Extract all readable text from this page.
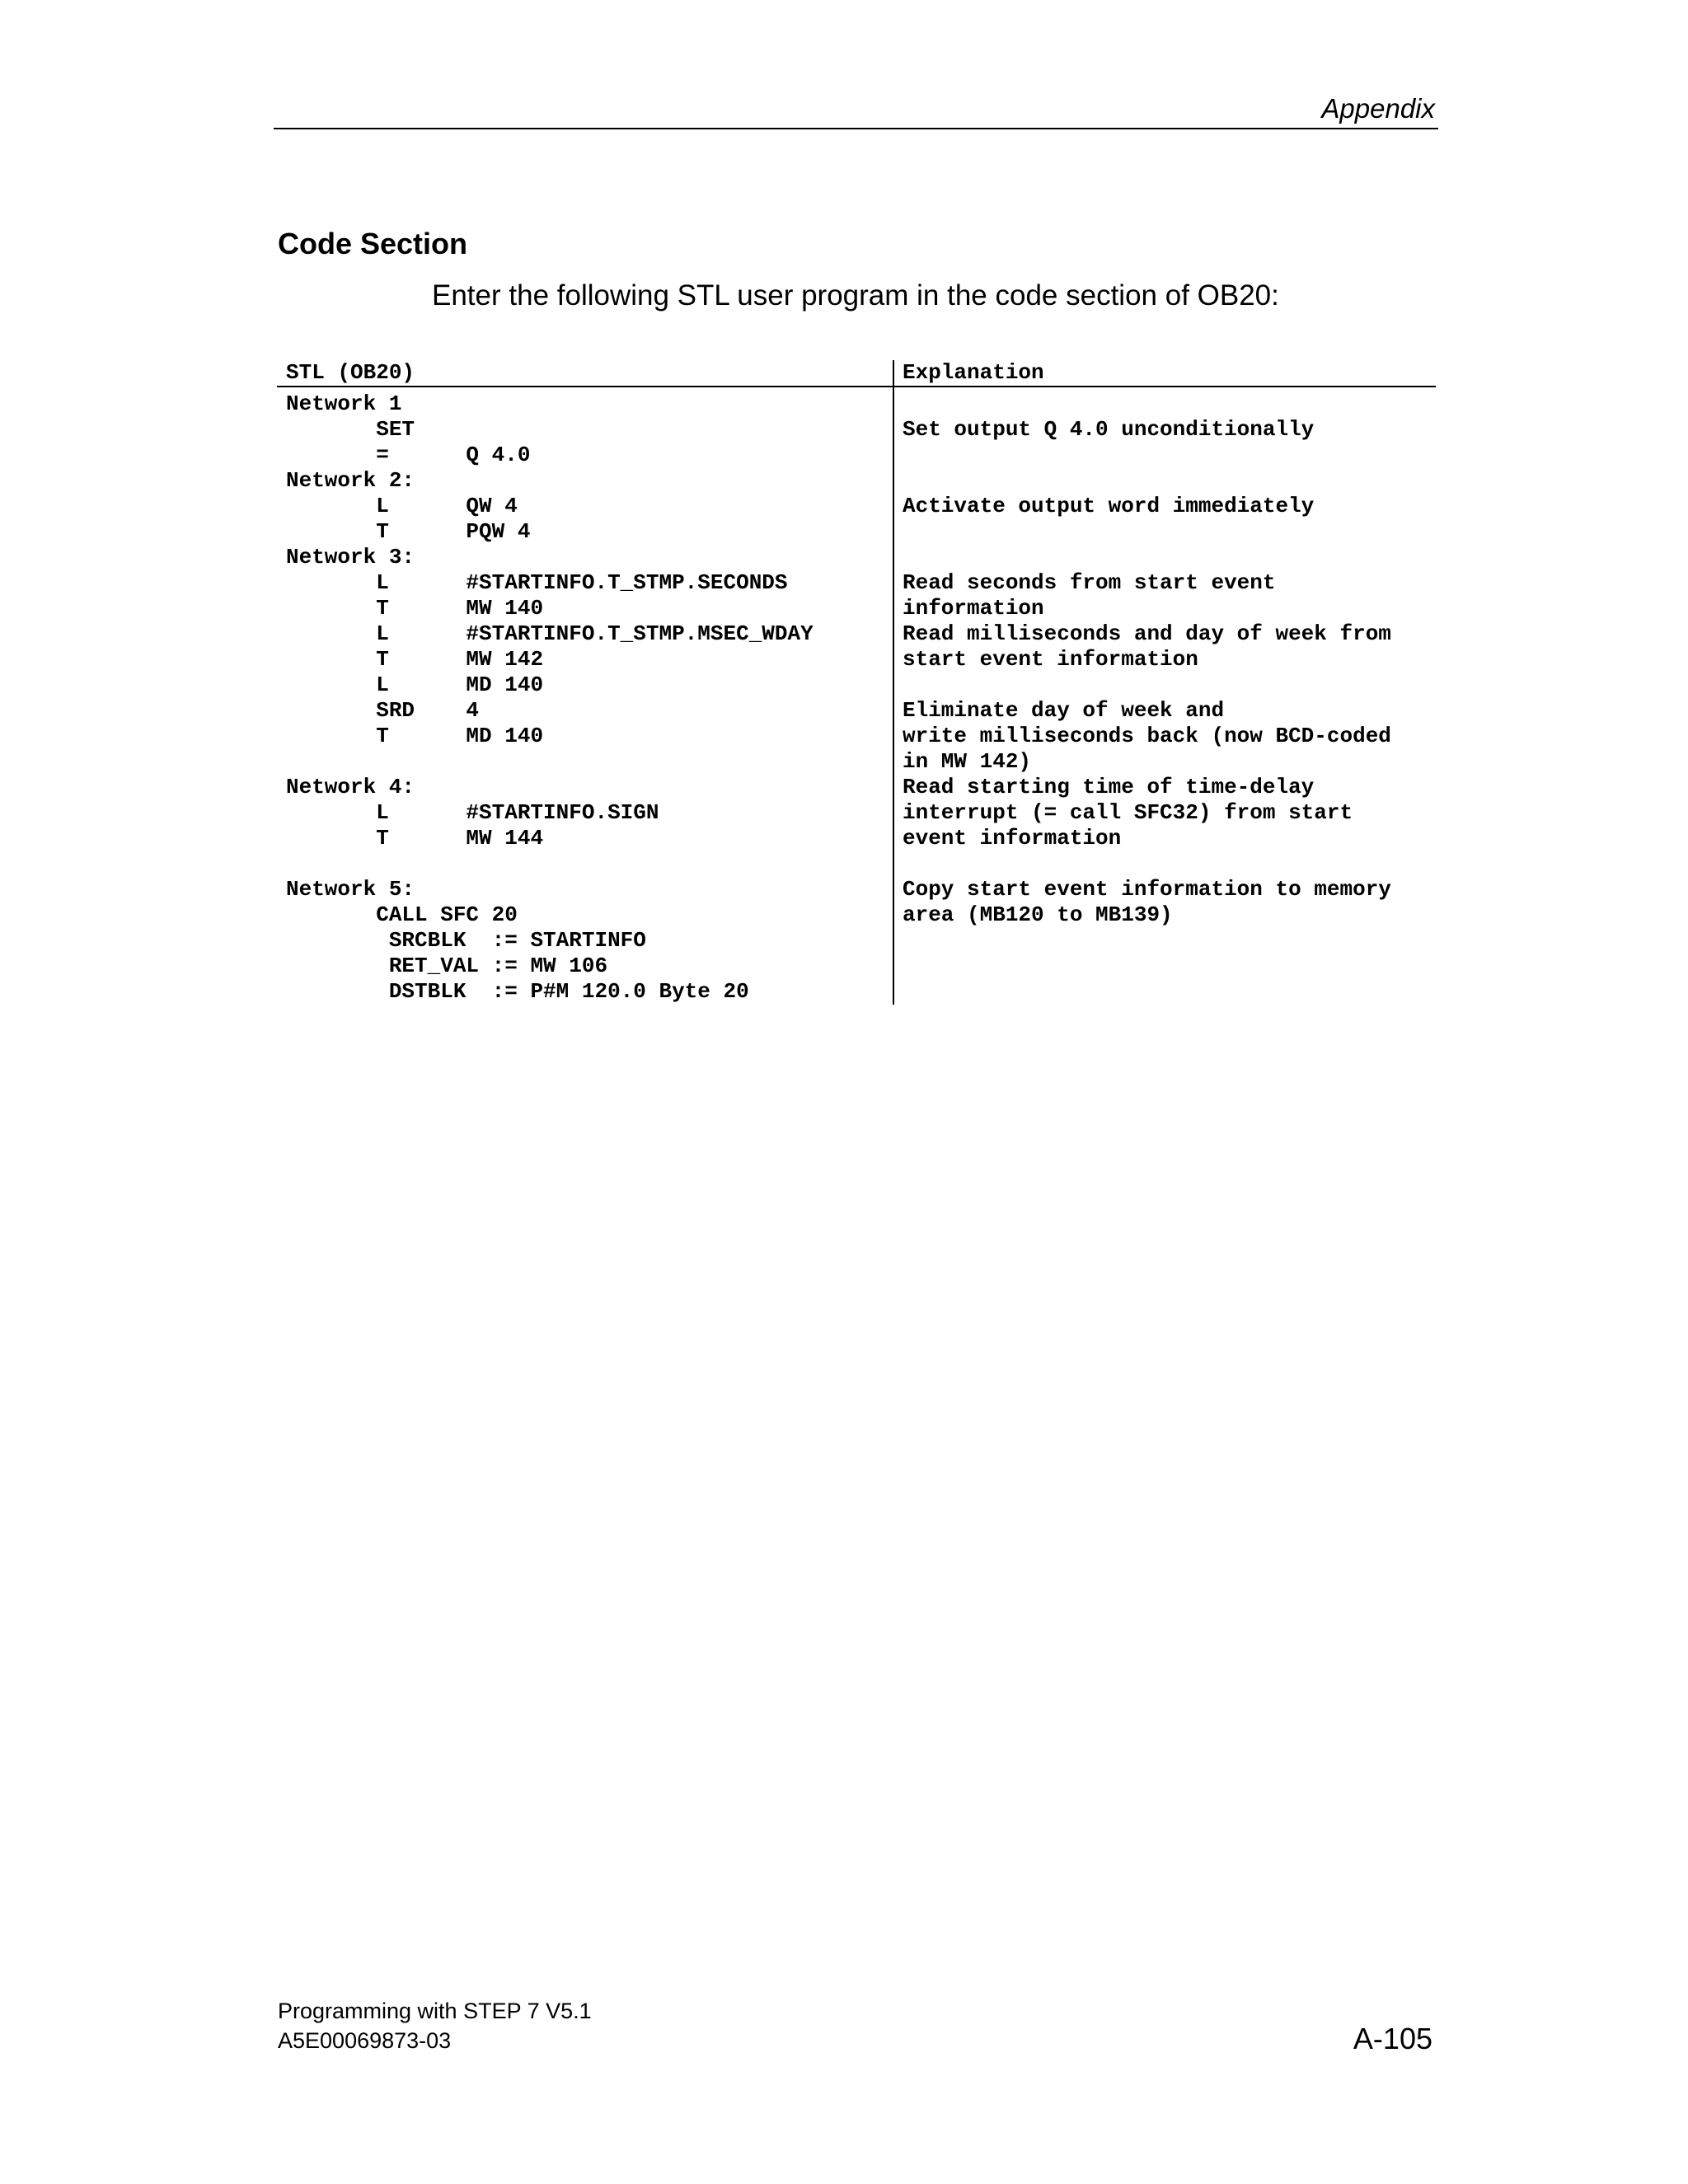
Appendix
Code Section
Enter the following STL user program in the code section of OB20:
STL (OB20)	Explanation
Network 1
SET
=      Q 4.0
Network 2:
L      QW 4
T      PQW 4
Network 3:
L      #STARTINFO.T_STMP.SECONDS
T      MW 140
L      #STARTINFO.T_STMP.MSEC_WDAY
T      MW 142
L      MD 140
SRD    4
T      MD 140
Network 4:
L      #STARTINFO.SIGN
T      MW 144
Network 5:
CALL SFC 20
SRCBLK  := STARTINFO
RET_VAL := MW 106
DSTBLK  := P#M 120.0 Byte 20
Set output Q 4.0 unconditionally
Activate output word immediately
Read seconds from start event
information
Read milliseconds and day of week from
start event information
Eliminate day of week and
write milliseconds back (now BCD-coded
in MW 142)
Read starting time of time-delay
interrupt (= call SFC32) from start
event information
Copy start event information to memory
area (MB120 to MB139)
Programming with STEP 7 V5.1
A5E00069873-03	A-105
